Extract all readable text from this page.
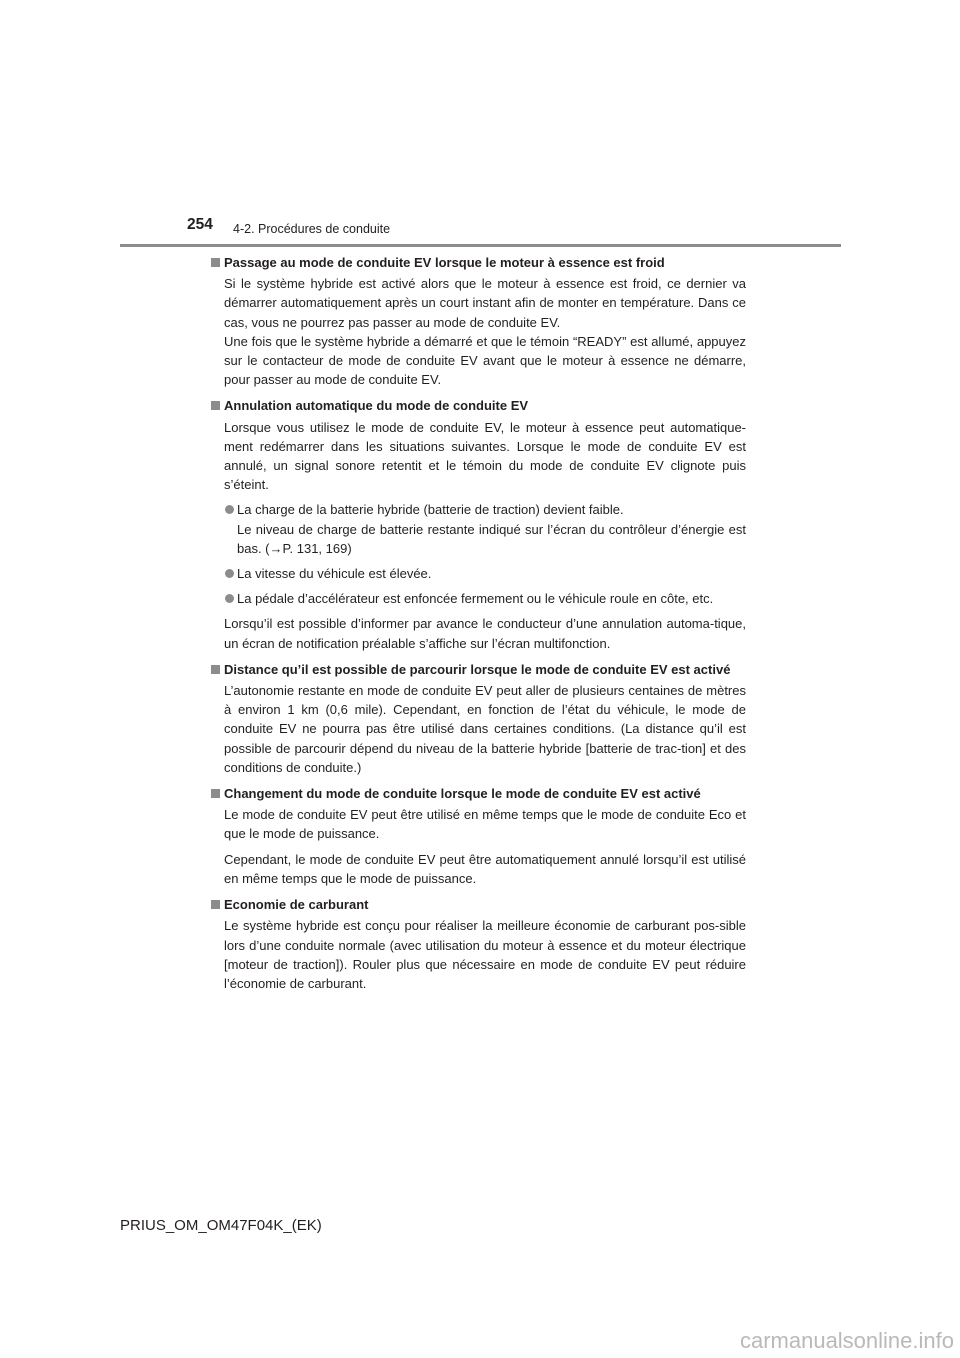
254 4-2. Procédures de conduite
Passage au mode de conduite EV lorsque le moteur à essence est froid
Si le système hybride est activé alors que le moteur à essence est froid, ce dernier va démarrer automatiquement après un court instant afin de monter en température. Dans ce cas, vous ne pourrez pas passer au mode de conduite EV.
Une fois que le système hybride a démarré et que le témoin “READY” est allumé, appuyez sur le contacteur de mode de conduite EV avant que le moteur à essence ne démarre, pour passer au mode de conduite EV.
Annulation automatique du mode de conduite EV
Lorsque vous utilisez le mode de conduite EV, le moteur à essence peut automatique-ment redémarrer dans les situations suivantes. Lorsque le mode de conduite EV est annulé, un signal sonore retentit et le témoin du mode de conduite EV clignote puis s’éteint.
La charge de la batterie hybride (batterie de traction) devient faible.
Le niveau de charge de batterie restante indiqué sur l’écran du contrôleur d’énergie est bas. (→P. 131, 169)
La vitesse du véhicule est élevée.
La pédale d’accélérateur est enfoncée fermement ou le véhicule roule en côte, etc.
Lorsqu’il est possible d’informer par avance le conducteur d’une annulation automa-tique, un écran de notification préalable s’affiche sur l’écran multifonction.
Distance qu’il est possible de parcourir lorsque le mode de conduite EV est activé
L’autonomie restante en mode de conduite EV peut aller de plusieurs centaines de mètres à environ 1 km (0,6 mile). Cependant, en fonction de l’état du véhicule, le mode de conduite EV ne pourra pas être utilisé dans certaines conditions. (La distance qu’il est possible de parcourir dépend du niveau de la batterie hybride [batterie de trac-tion] et des conditions de conduite.)
Changement du mode de conduite lorsque le mode de conduite EV est activé
Le mode de conduite EV peut être utilisé en même temps que le mode de conduite Eco et que le mode de puissance.
Cependant, le mode de conduite EV peut être automatiquement annulé lorsqu’il est utilisé en même temps que le mode de puissance.
Economie de carburant
Le système hybride est conçu pour réaliser la meilleure économie de carburant pos-sible lors d’une conduite normale (avec utilisation du moteur à essence et du moteur électrique [moteur de traction]). Rouler plus que nécessaire en mode de conduite EV peut réduire l’économie de carburant.
PRIUS_OM_OM47F04K_(EK)
carmanualsonline.info
